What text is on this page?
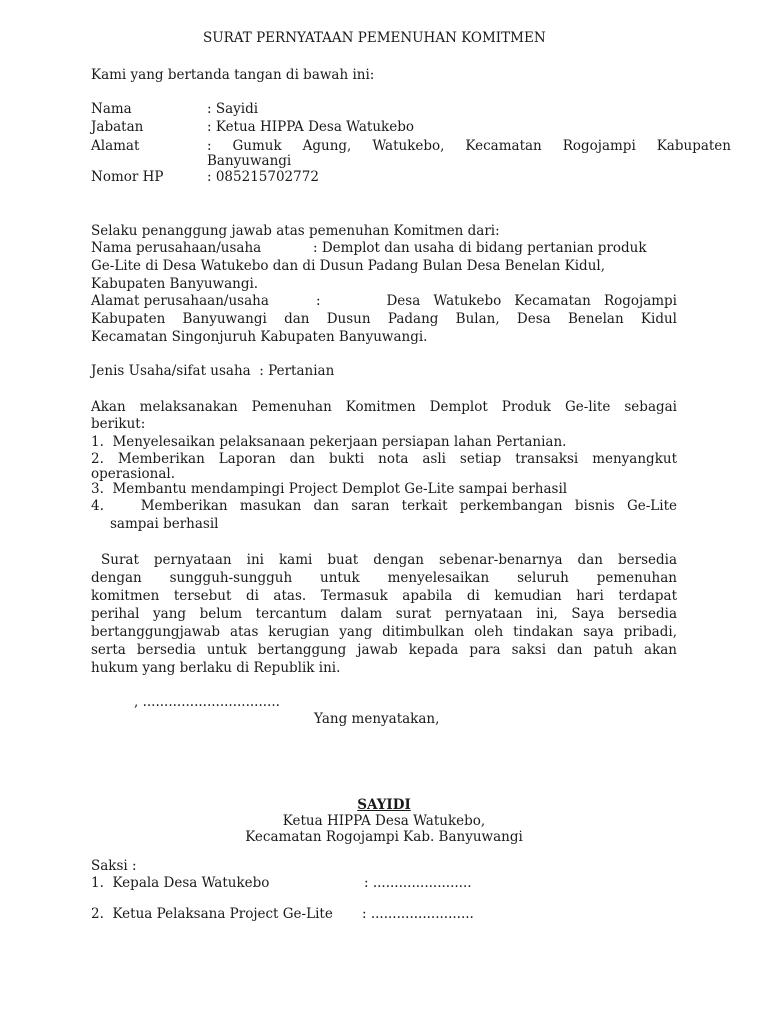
SURAT PERNYATAAN PEMENUHAN KOMITMEN
Kami yang bertanda tangan di bawah ini:
Nama	: Sayidi
Jabatan	: Ketua HIPPA Desa Watukebo
Alamat	: Gumuk Agung, Watukebo, Kecamatan Rogojampi Kabupaten
Banyuwangi
Nomor HP	: 085215702772
Selaku penanggung jawab atas pemenuhan Komitmen dari:
Nama perusahaan/usaha	: Demplot dan usaha di bidang pertanian produk
Ge-Lite di Desa Watukebo dan di Dusun Padang Bulan Desa Benelan Kidul,
Kabupaten Banyuwangi.
Alamat perusahaan/usaha	:     Desa Watukebo Kecamatan Rogojampi
Kabupaten Banyuwangi dan Dusun Padang Bulan, Desa Benelan Kidul
Kecamatan Singonjuruh Kabupaten Banyuwangi.
Jenis Usaha/sifat usaha  : Pertanian
Akan melaksanakan Pemenuhan Komitmen Demplot Produk Ge-lite sebagai
berikut:
1.  Menyelesaikan pelaksanaan pekerjaan persiapan lahan Pertanian.
2. Memberikan Laporan dan bukti nota asli setiap transaksi menyangkut
operasional.
3.  Membantu mendampingi Project Demplot Ge-Lite sampai berhasil
4.   Memberikan masukan dan saran terkait perkembangan bisnis Ge-Lite
sampai berhasil
Surat pernyataan ini kami buat dengan sebenar-benarnya dan bersedia
dengan sungguh-sungguh untuk menyelesaikan seluruh pemenuhan
komitmen tersebut di atas. Termasuk apabila di kemudian hari terdapat
perihal yang belum tercantum dalam surat pernyataan ini, Saya bersedia
bertanggungjawab atas kerugian yang ditimbulkan oleh tindakan saya pribadi,
serta bersedia untuk bertanggung jawab kepada para saksi dan patuh akan
hukum yang berlaku di Republik ini.
, ................................
Yang menyatakan,
SAYIDI
Ketua HIPPA Desa Watukebo,
Kecamatan Rogojampi Kab. Banyuwangi
Saksi :
1.  Kepala Desa Watukebo	: .......................
2.  Ketua Pelaksana Project Ge-Lite : ........................
